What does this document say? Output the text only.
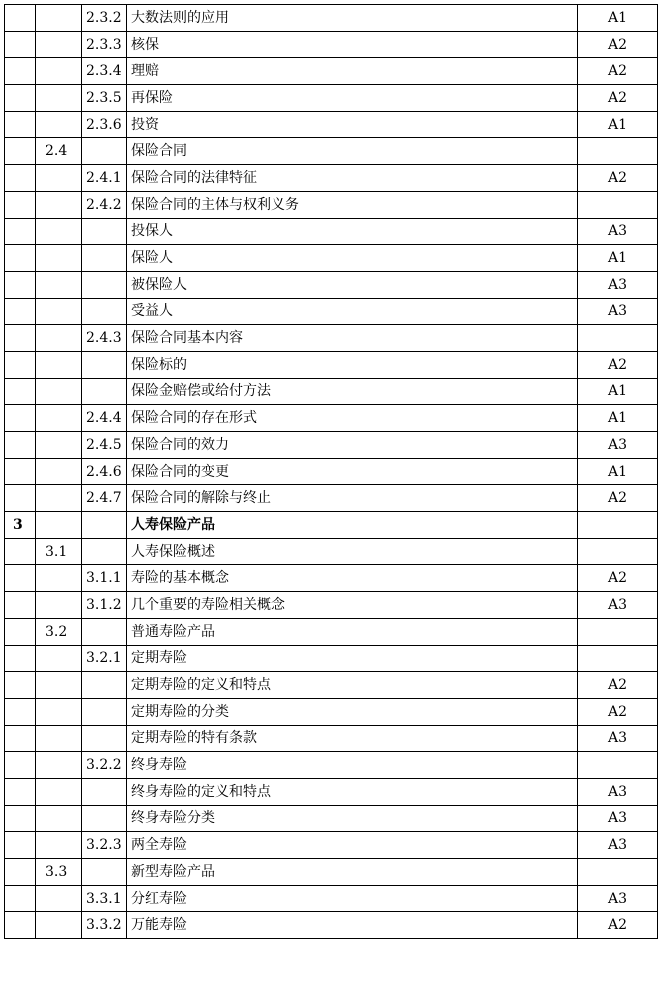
		2.3.2	大数法则的应用	A1
		2.3.3	核保	A2
		2.3.4	理赔	A2
		2.3.5	再保险	A2
		2.3.6	投资	A1
	2.4		保险合同	
		2.4.1	保险合同的法律特征	A2
		2.4.2	保险合同的主体与权利义务	
			投保人	A3
			保险人	A1
			被保险人	A3
			受益人	A3
		2.4.3	保险合同基本内容	
			保险标的	A2
			保险金赔偿或给付方法	A1
		2.4.4	保险合同的存在形式	A1
		2.4.5	保险合同的效力	A3
		2.4.6	保险合同的变更	A1
		2.4.7	保险合同的解除与终止	A2
3			人寿保险产品	
	3.1		人寿保险概述	
		3.1.1	寿险的基本概念	A2
		3.1.2	几个重要的寿险相关概念	A3
	3.2		普通寿险产品	
		3.2.1	定期寿险	
			定期寿险的定义和特点	A2
			定期寿险的分类	A2
			定期寿险的特有条款	A3
		3.2.2	终身寿险	
			终身寿险的定义和特点	A3
			终身寿险分类	A3
		3.2.3	两全寿险	A3
	3.3		新型寿险产品	
		3.3.1	分红寿险	A3
		3.3.2	万能寿险	A2
